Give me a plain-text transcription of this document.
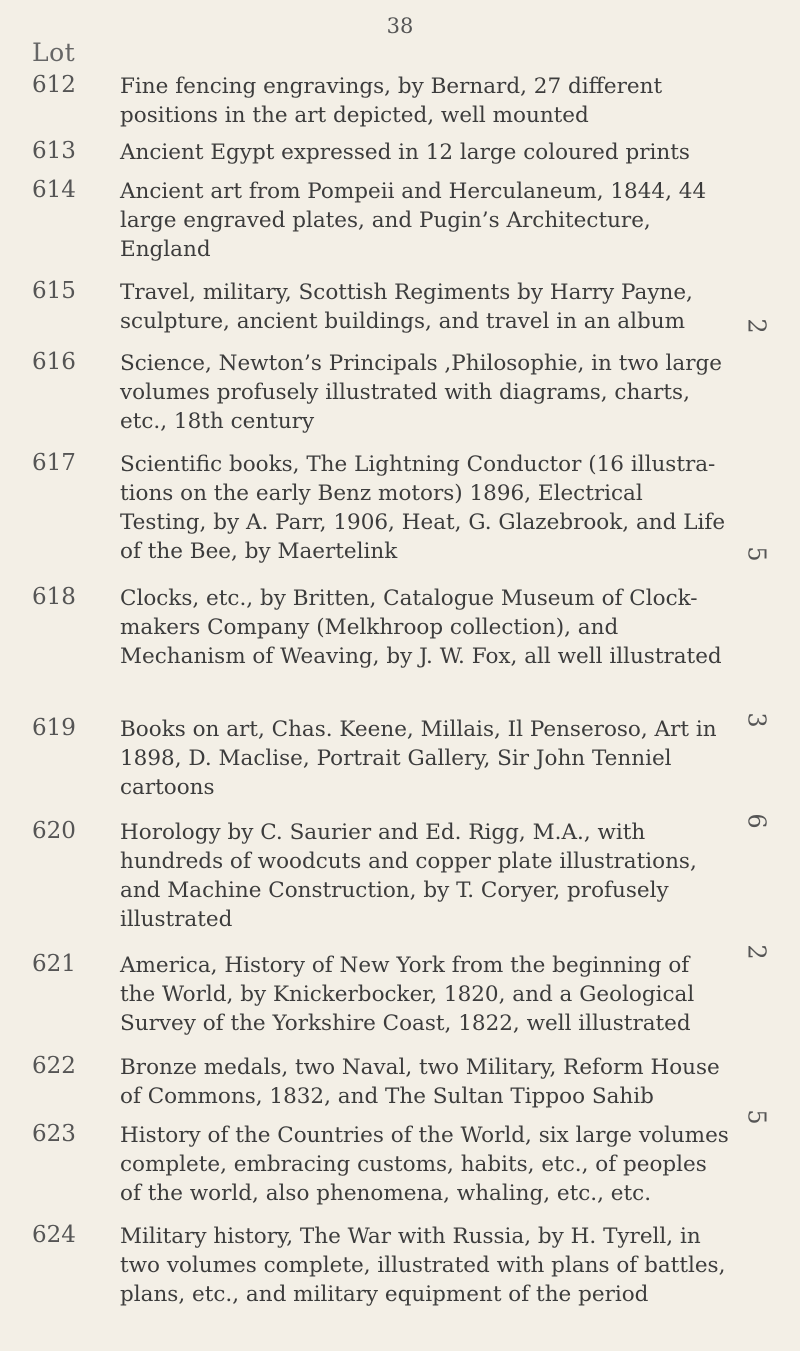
38
Lot
612 Fine fencing engravings, by Bernard, 27 different positions in the art depicted, well mounted
613 Ancient Egypt expressed in 12 large coloured prints
614 Ancient art from Pompeii and Herculaneum, 1844, 44 large engraved plates, and Pugin’s Architecture, England
615 Travel, military, Scottish Regiments by Harry Payne, sculpture, ancient buildings, and travel in an album	2
616 Science, Newton’s Principals ,Philosophie, in two large volumes profusely illustrated with diagrams, charts, etc., 18th century
617 Scientific books, The Lightning Conductor (16 illustra- tions on the early Benz motors) 1896, Electrical Testing, by A. Parr, 1906, Heat, G. Glazebrook, and Life of the Bee, by Maertelink	5
618 Clocks, etc., by Britten, Catalogue Museum of Clock- makers Company (Melkhroop collection), and Mechanism of Weaving, by J. W. Fox, all well illustrated
3
619 Books on art, Chas. Keene, Millais, Il Penseroso, Art in 1898, D. Maclise, Portrait Gallery, Sir John Tenniel cartoons
6
620 Horology by C. Saurier and Ed. Rigg, M.A., with hundreds of woodcuts and copper plate illustrations, and Machine Construction, by T. Coryer, profusely illustrated
2
621 America, History of New York from the beginning of the World, by Knickerbocker, 1820, and a Geological Survey of the Yorkshire Coast, 1822, well illustrated
622 Bronze medals, two Naval, two Military, Reform House of Commons, 1832, and The Sultan Tippoo Sahib
5
623 History of the Countries of the World, six large volumes complete, embracing customs, habits, etc., of peoples of the world, also phenomena, whaling, etc., etc.
624 Military history, The War with Russia, by H. Tyrell, in two volumes complete, illustrated with plans of battles, plans, etc., and military equipment of the period
